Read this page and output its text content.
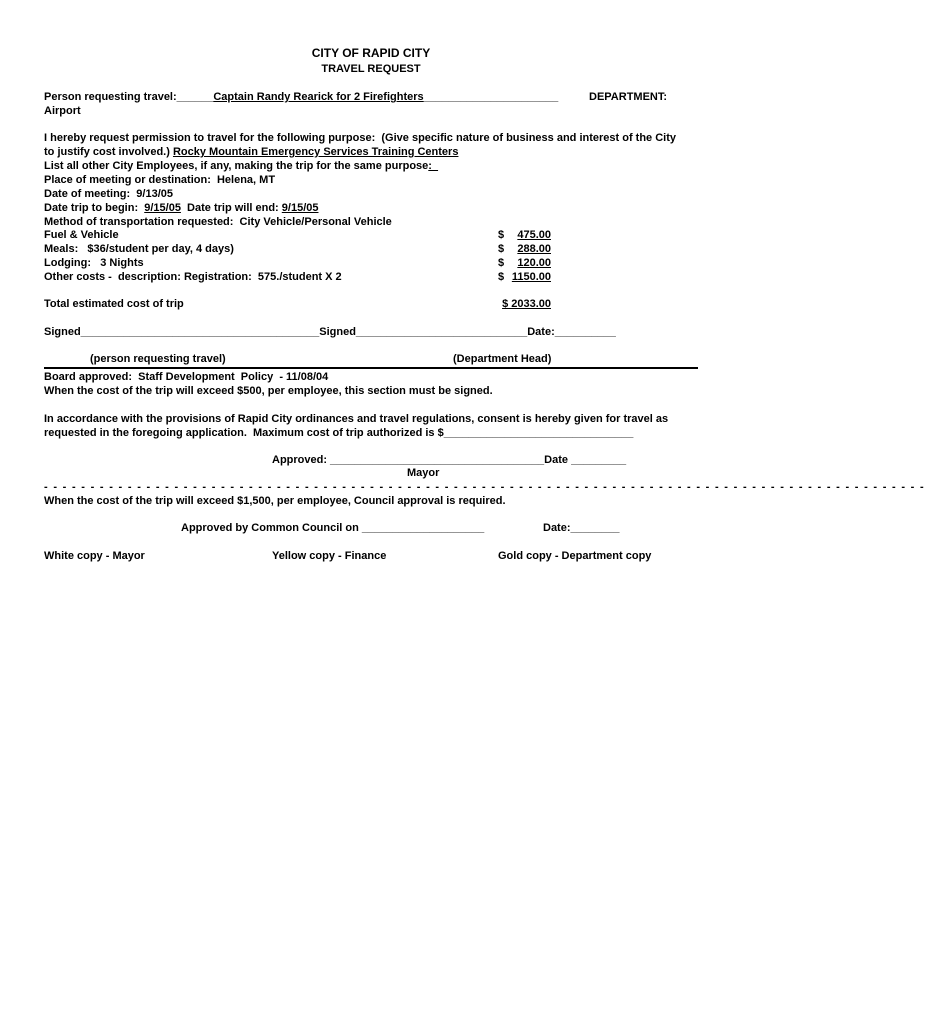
CITY OF RAPID CITY
TRAVEL REQUEST
Person requesting travel:______Captain Randy Rearick for 2 Firefighters______________________	DEPARTMENT:
Airport
I hereby request permission to travel for the following purpose:  (Give specific nature of business and interest of the City
to justify cost involved.) Rocky Mountain Emergency Services Training Centers
List all other City Employees, if any, making the trip for the same purpose:
Place of meeting or destination:  Helena, MT
Date of meeting:  9/13/05
Date trip to begin:  9/15/05  Date trip will end: 9/15/05
Method of transportation requested:  City Vehicle/Personal Vehicle
Fuel & Vehicle	$	475.00
Meals:   $36/student per day, 4 days)	$	288.00
Lodging:   3 Nights	$	120.00
Other costs -  description: Registration:  575./student X 2	$ 1150.00
Total estimated cost of trip	$ 2033.00
Signed_______________________________________Signed____________________________Date:__________
(person requesting travel)	(Department Head)
Board approved:  Staff Development  Policy  - 11/08/04
When the cost of the trip will exceed $500, per employee, this section must be signed.
In accordance with the provisions of Rapid City ordinances and travel regulations, consent is hereby given for travel as
requested in the foregoing application.  Maximum cost of trip authorized is $_______________________________
Approved: ___________________________________Date _________
Mayor
- - - - - - - - - - - - - - - - - - - - - - - - - - - - - - - - - - - - - - - - - - - - - - - - - - - - - - - - - - - - - - - - - - - - - - - - - - - - - - - - - - - - - - - - - - - - - - -
When the cost of the trip will exceed $1,500, per employee, Council approval is required.
Approved by Common Council on ____________________	Date:________
White copy - Mayor	Yellow copy - Finance	Gold copy - Department copy
